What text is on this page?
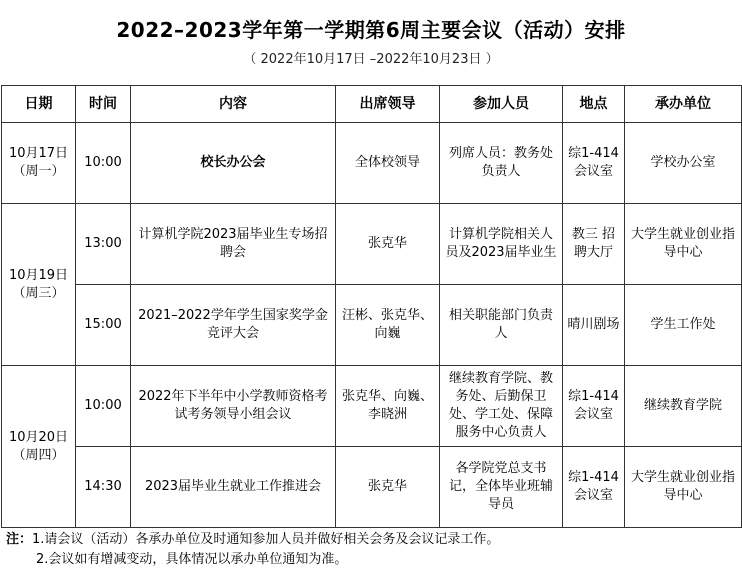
2022–2023学年第一学期第6周主要会议（活动）安排
（ 2022年10月17日 –2022年10月23日 ）
日期	时间	内容	出席领导	参加人员	地点	承办单位
10月17日（周一）	10:00	校长办公会	全体校领导	列席人员：教务处负责人	综1-414会议室	学校办公室
10月19日（周三）	13:00	计算机学院2023届毕业生专场招聘会	张克华	计算机学院相关人员及2023届毕业生	教三 招聘大厅	大学生就业创业指导中心
	15:00	2021–2022学年学生国家奖学金竞评大会	汪彬、张克华、向巍	相关职能部门负责人	晴川剧场	学生工作处
10月20日（周四）	10:00	2022年下半年中小学教师资格考试考务领导小组会议	张克华、向巍、李晓洲	继续教育学院、教务处、后勤保卫处、学工处、保障服务中心负责人	综1-414会议室	继续教育学院
	14:30	2023届毕业生就业工作推进会	张克华	各学院党总支书记，全体毕业班辅导员	综1-414会议室	大学生就业创业指导中心
注：1.请会议（活动）各承办单位及时通知参加人员并做好相关会务及会议记录工作。
2.会议如有增减变动，具体情况以承办单位通知为准。
